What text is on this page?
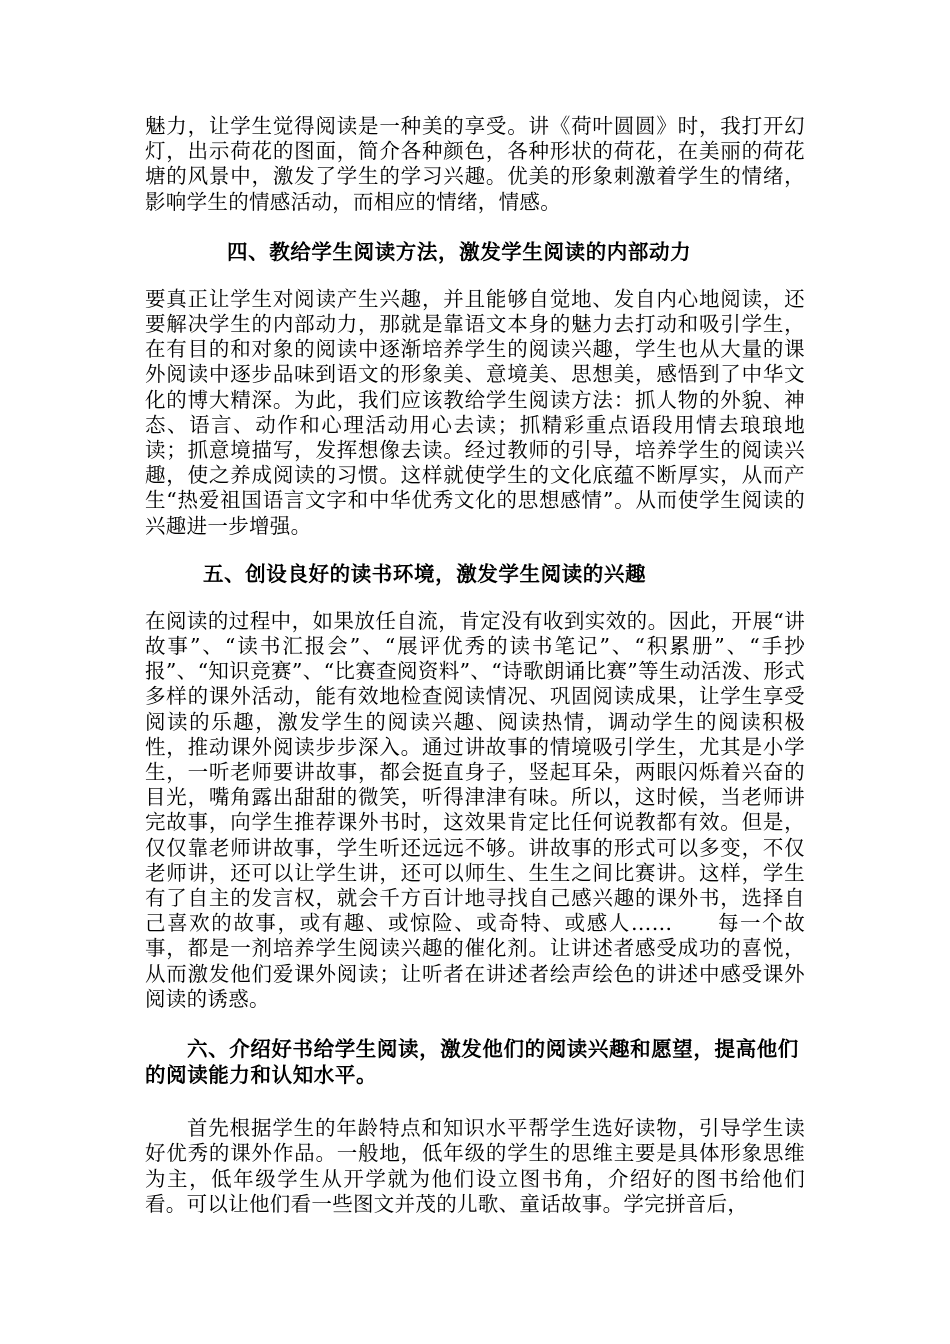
魅力，让学生觉得阅读是一种美的享受。讲《荷叶圆圆》时，我打开幻灯，出示荷花的图面，简介各种颜色，各种形状的荷花，在美丽的荷花塘的风景中，激发了学生的学习兴趣。优美的形象刺激着学生的情绪，影响学生的情感活动，而相应的情绪，情感。

四、教给学生阅读方法，激发学生阅读的内部动力

要真正让学生对阅读产生兴趣，并且能够自觉地、发自内心地阅读，还要解决学生的内部动力，那就是靠语文本身的魅力去打动和吸引学生，在有目的和对象的阅读中逐渐培养学生的阅读兴趣，学生也从大量的课外阅读中逐步品味到语文的形象美、意境美、思想美，感悟到了中华文化的博大精深。为此，我们应该教给学生阅读方法：抓人物的外貌、神态、语言、动作和心理活动用心去读；抓精彩重点语段用情去琅琅地读；抓意境描写，发挥想像去读。经过教师的引导，培养学生的阅读兴趣，使之养成阅读的习惯。这样就使学生的文化底蕴不断厚实，从而产生“热爱祖国语言文字和中华优秀文化的思想感情”。从而使学生阅读的兴趣进一步增强。

五、创设良好的读书环境，激发学生阅读的兴趣

在阅读的过程中，如果放任自流，肯定没有收到实效的。因此，开展“讲故事”、“读书汇报会”、“展评优秀的读书笔记”、“积累册”、“手抄报”、“知识竞赛”、“比赛查阅资料”、“诗歌朗诵比赛”等生动活泼、形式多样的课外活动，能有效地检查阅读情况、巩固阅读成果，让学生享受阅读的乐趣，激发学生的阅读兴趣、阅读热情，调动学生的阅读积极性，推动课外阅读步步深入。通过讲故事的情境吸引学生，尤其是小学生，一听老师要讲故事，都会挺直身子，竖起耳朵，两眼闪烁着兴奋的目光，嘴角露出甜甜的微笑，听得津津有味。所以，这时候，当老师讲完故事，向学生推荐课外书时，这效果肯定比任何说教都有效。但是，仅仅靠老师讲故事，学生听还远远不够。讲故事的形式可以多变，不仅老师讲，还可以让学生讲，还可以师生、生生之间比赛讲。这样，学生有了自主的发言权，就会千方百计地寻找自己感兴趣的课外书，选择自己喜欢的故事，或有趣、或惊险、或奇特、或感人……　　每一个故事，都是一剂培养学生阅读兴趣的催化剂。让讲述者感受成功的喜悦，从而激发他们爱课外阅读；让听者在讲述者绘声绘色的讲述中感受课外阅读的诱惑。

六、介绍好书给学生阅读，激发他们的阅读兴趣和愿望，提高他们的阅读能力和认知水平。

首先根据学生的年龄特点和知识水平帮学生选好读物，引导学生读好优秀的课外作品。一般地，低年级的学生的思维主要是具体形象思维为主，低年级学生从开学就为他们设立图书角，介绍好的图书给他们看。可以让他们看一些图文并茂的儿歌、童话故事。学完拼音后，
